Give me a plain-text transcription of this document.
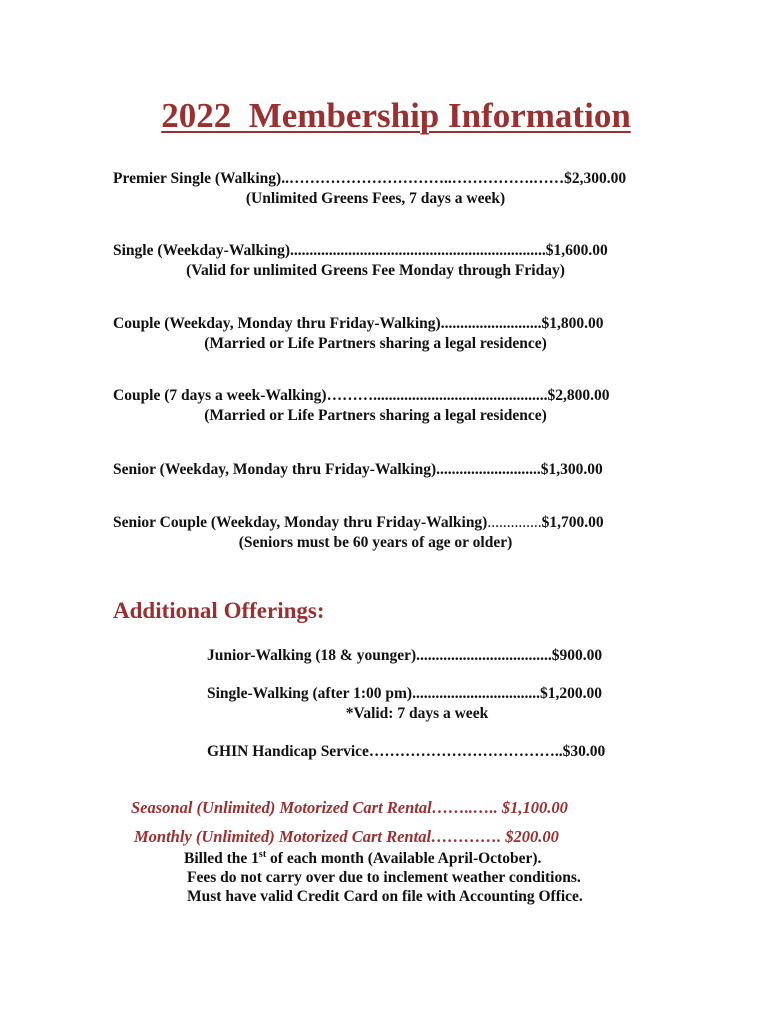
2022  Membership Information
Premier Single (Walking)..…………………………..…………….……$2,300.00
(Unlimited Greens Fees, 7 days a week)
Single (Weekday-Walking)..................................................................$1,600.00
(Valid for unlimited Greens Fee Monday through Friday)
Couple (Weekday, Monday thru Friday-Walking)..........................$1,800.00
(Married or Life Partners sharing a legal residence)
Couple (7 days a week-Walking)……….............................................$2,800.00
(Married or Life Partners sharing a legal residence)
Senior (Weekday, Monday thru Friday-Walking)...........................$1,300.00
Senior Couple (Weekday, Monday thru Friday-Walking)..............$1,700.00
(Seniors must be 60 years of age or older)
Additional Offerings:
Junior-Walking (18 & younger)...................................$900.00
Single-Walking (after 1:00 pm).................................$1,200.00
*Valid: 7 days a week
GHIN Handicap Service………………………………..$30.00
Seasonal (Unlimited) Motorized Cart Rental……..….. $1,100.00
Monthly (Unlimited) Motorized Cart Rental…………. $200.00
Billed the 1st of each month (Available April-October).
Fees do not carry over due to inclement weather conditions.
Must have valid Credit Card on file with Accounting Office.
